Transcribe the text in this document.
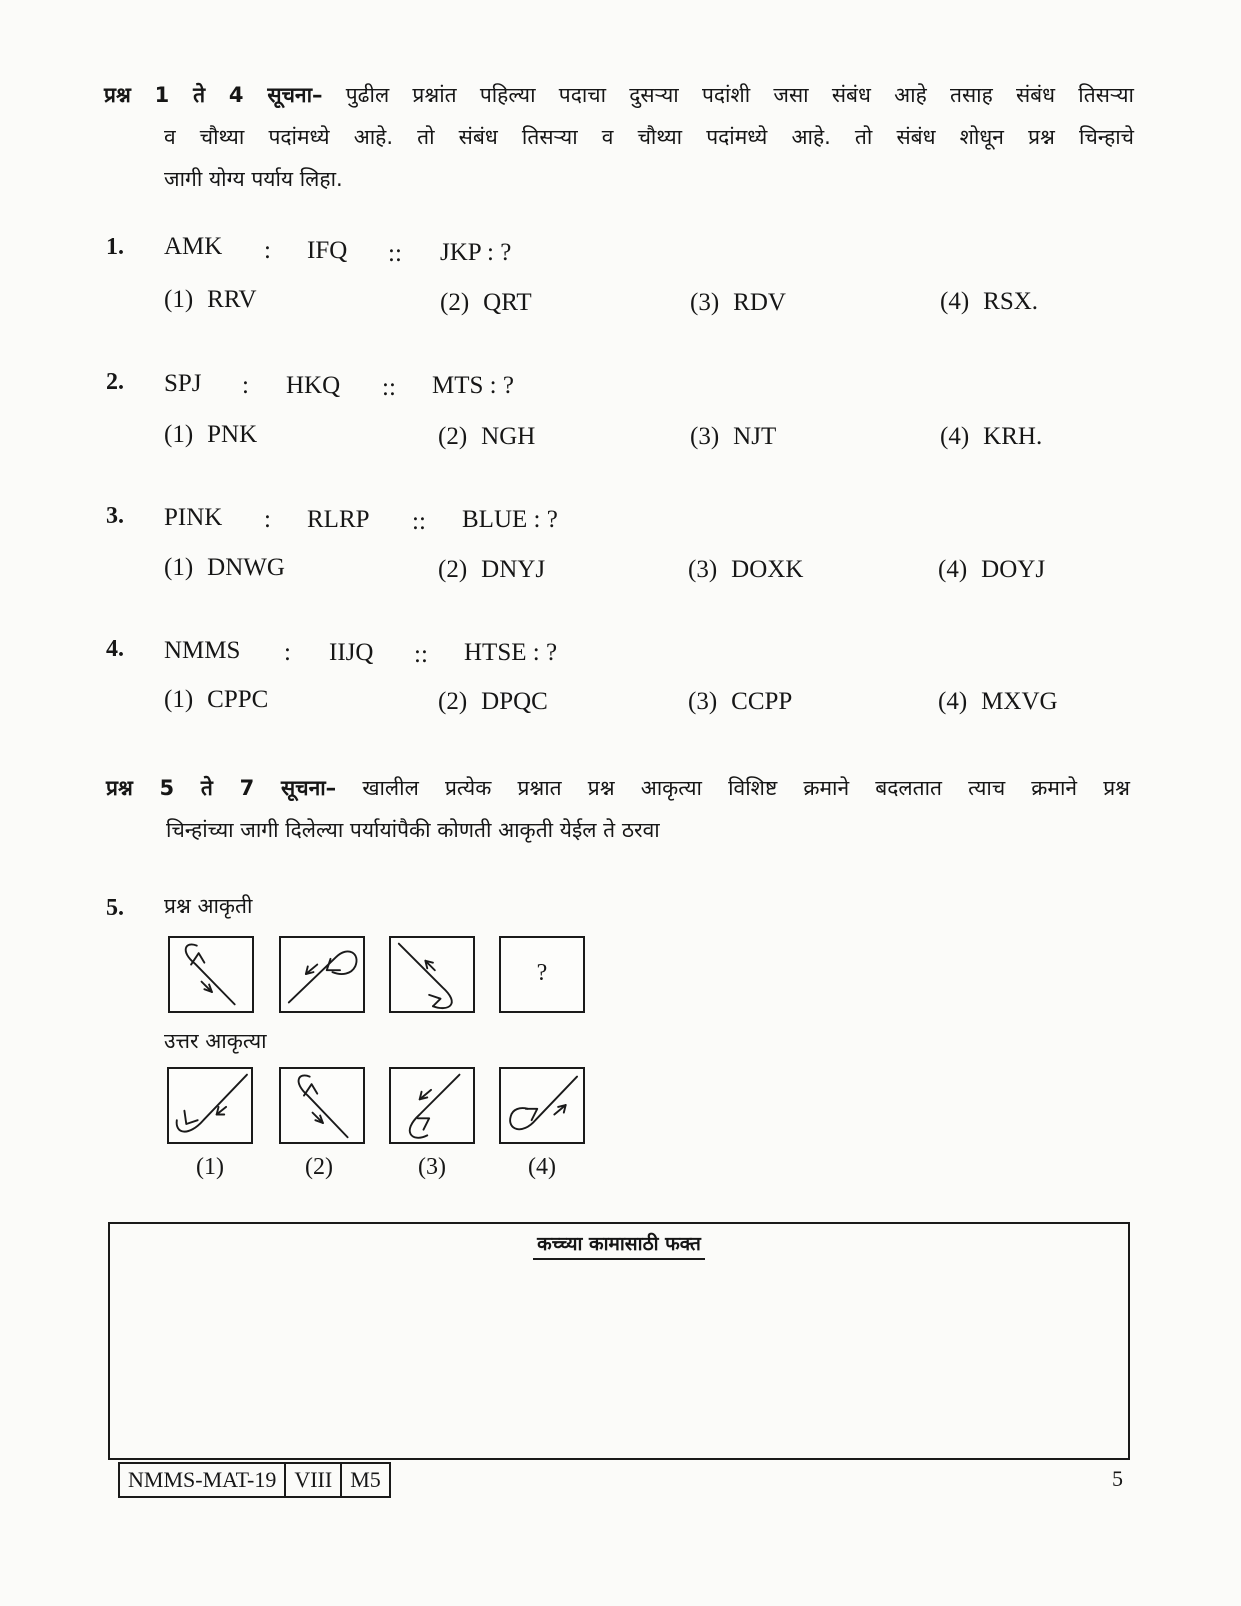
प्रश्न 1 ते 4 सूचना– पुढील प्रश्नांत पहिल्या पदाचा दुसऱ्या पदांशी जसा संबंध आहे तसाह संबंध तिसऱ्या
व चौथ्या पदांमध्ये आहे. तो संबंध तिसऱ्या व चौथ्या पदांमध्ये आहे. तो संबंध शोधून प्रश्न चिन्हाचे
जागी योग्य पर्याय लिहा.
1. AMK : IFQ :: JKP : ?
(1) RRV	(2) QRT	(3) RDV	(4) RSX.
2. SPJ : HKQ :: MTS : ?
(1) PNK	(2) NGH	(3) NJT	(4) KRH.
3. PINK : RLRP :: BLUE : ?
(1) DNWG	(2) DNYJ	(3) DOXK	(4) DOYJ
4. NMMS : IIJQ :: HTSE : ?
(1) CPPC	(2) DPQC	(3) CCPP	(4) MXVG
प्रश्न 5 ते 7 सूचना– खालील प्रत्येक प्रश्नात प्रश्न आकृत्या विशिष्ट क्रमाने बदलतात त्याच क्रमाने प्रश्न
चिन्हांच्या जागी दिलेल्या पर्यायांपैकी कोणती आकृती येईल ते ठरवा
5. प्रश्न आकृती
?
उत्तर आकृत्या
(1)	(2)	(3)	(4)
कच्च्या कामासाठी फक्त
NMMS-MAT-19 VIII M5	5
